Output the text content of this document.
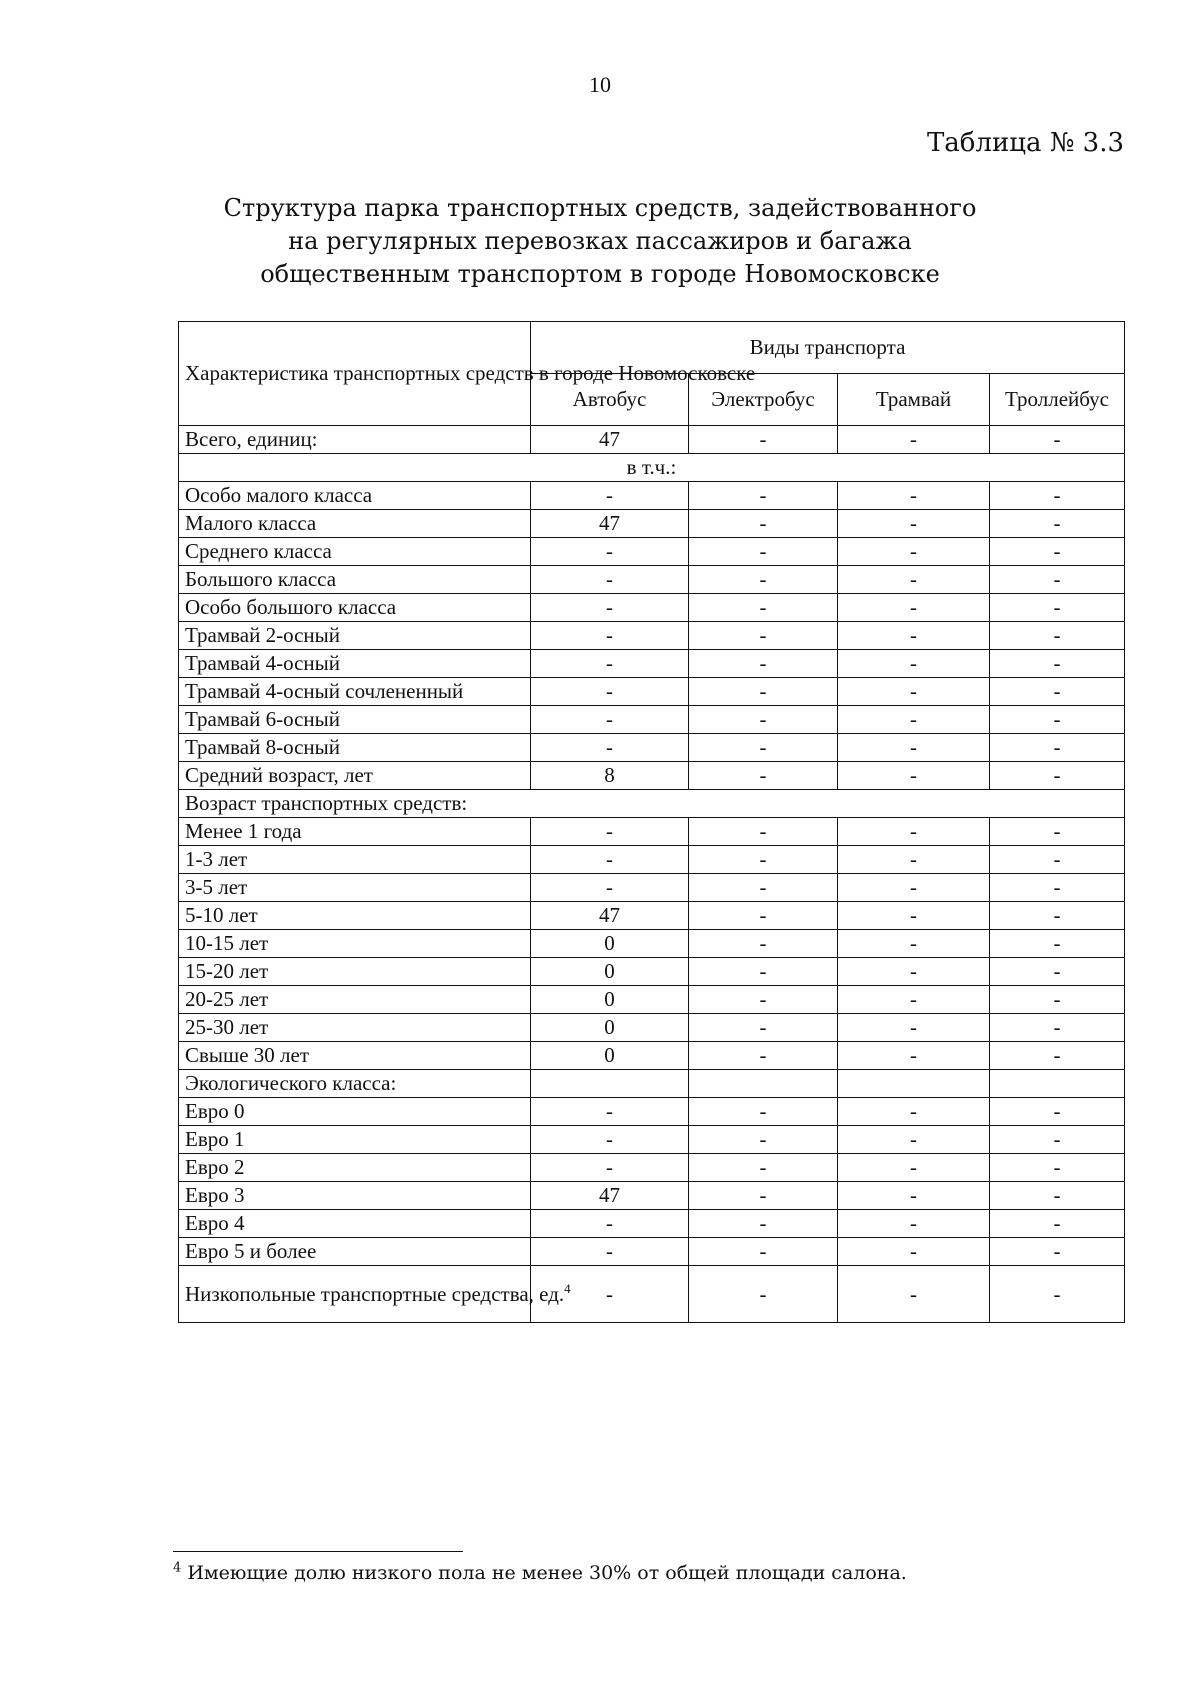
10
Таблица № 3.3
Структура парка транспортных средств, задействованного
на регулярных перевозках пассажиров и багажа
общественным транспортом в городе Новомосковске
Характеристика транспортных средств в городе Новомосковске	Виды транспорта			
	Автобус	Электробус	Трамвай	Троллейбус
Всего, единиц:	47	-	-	-
в т.ч.:				
Особо малого класса	-	-	-	-
Малого класса	47	-	-	-
Среднего класса	-	-	-	-
Большого класса	-	-	-	-
Особо большого класса	-	-	-	-
Трамвай 2-осный	-	-	-	-
Трамвай 4-осный	-	-	-	-
Трамвай 4-осный сочлененный	-	-	-	-
Трамвай 6-осный	-	-	-	-
Трамвай 8-осный	-	-	-	-
Средний возраст, лет	8	-	-	-
Возраст транспортных средств:				
Менее 1 года	-	-	-	-
1-3 лет	-	-	-	-
3-5 лет	-	-	-	-
5-10 лет	47	-	-	-
10-15 лет	0	-	-	-
15-20 лет	0	-	-	-
20-25 лет	0	-	-	-
25-30 лет	0	-	-	-
Свыше 30 лет	0	-	-	-
Экологического класса:				
Евро 0	-	-	-	-
Евро 1	-	-	-	-
Евро 2	-	-	-	-
Евро 3	47	-	-	-
Евро 4	-	-	-	-
Евро 5 и более	-	-	-	-
Низкопольные транспортные средства, ед.$^4$	-	-	-	-
$^4$ Имеющие долю низкого пола не менее 30% от общей площади салона.
